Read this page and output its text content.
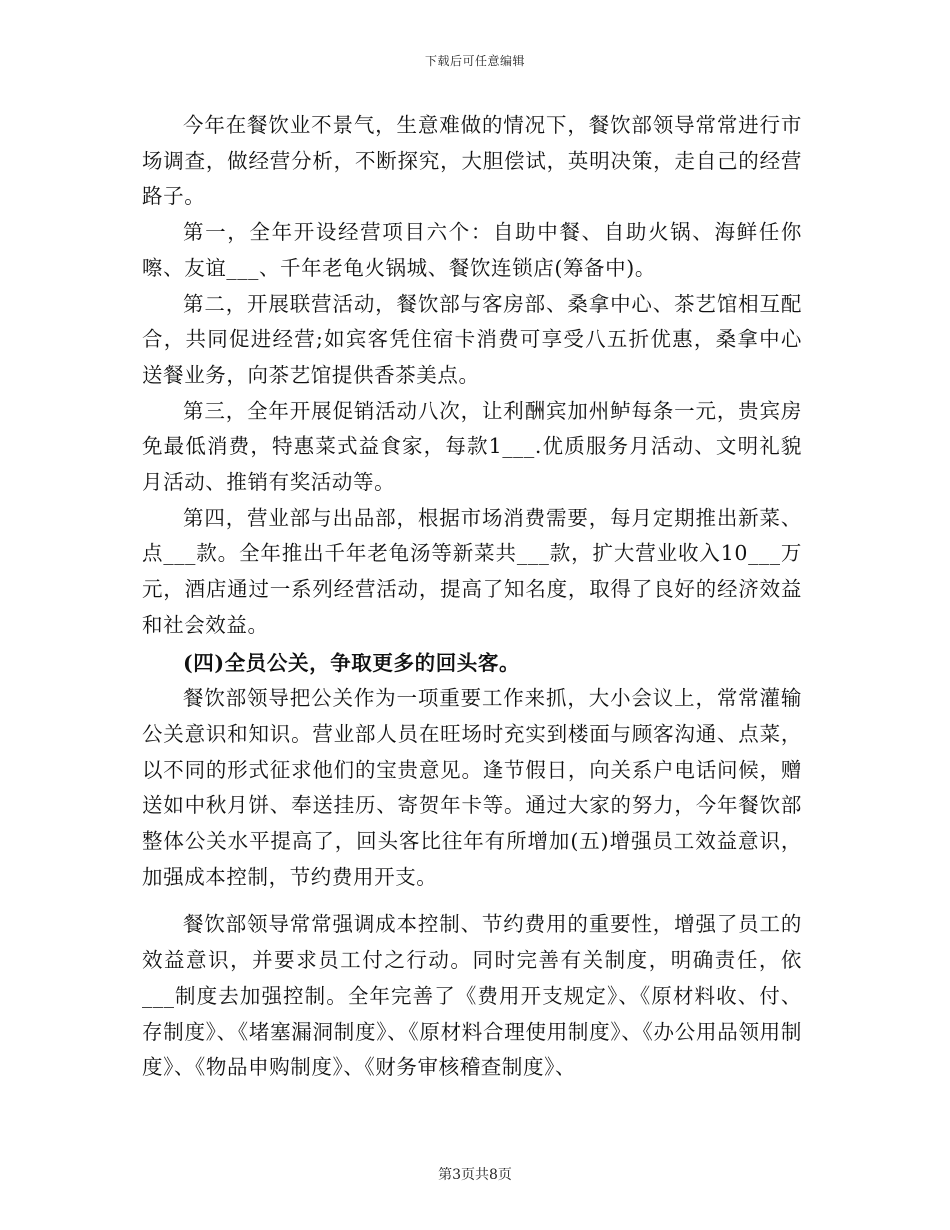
下载后可任意编辑

今年在餐饮业不景气，生意难做的情况下，餐饮部领导常常进行市场调查，做经营分析，不断探究，大胆偿试，英明决策，走自己的经营路子。

第一，全年开设经营项目六个：自助中餐、自助火锅、海鲜任你嚓、友谊___、千年老龟火锅城、餐饮连锁店(筹备中)。

第二，开展联营活动，餐饮部与客房部、桑拿中心、茶艺馆相互配合，共同促进经营;如宾客凭住宿卡消费可享受八五折优惠，桑拿中心送餐业务，向茶艺馆提供香茶美点。

第三，全年开展促销活动八次，让利酬宾加州鲈每条一元，贵宾房免最低消费，特惠菜式益食家，每款1___.优质服务月活动、文明礼貌月活动、推销有奖活动等。

第四，营业部与出品部，根据市场消费需要，每月定期推出新菜、点___款。全年推出千年老龟汤等新菜共___款，扩大营业收入10___万元，酒店通过一系列经营活动，提高了知名度，取得了良好的经济效益和社会效益。

(四)全员公关，争取更多的回头客。

餐饮部领导把公关作为一项重要工作来抓，大小会议上，常常灌输公关意识和知识。营业部人员在旺场时充实到楼面与顾客沟通、点菜，以不同的形式征求他们的宝贵意见。逢节假日，向关系户电话问候，赠送如中秋月饼、奉送挂历、寄贺年卡等。通过大家的努力，今年餐饮部整体公关水平提高了，回头客比往年有所增加(五)增强员工效益意识，加强成本控制，节约费用开支。

餐饮部领导常常强调成本控制、节约费用的重要性，增强了员工的效益意识，并要求员工付之行动。同时完善有关制度，明确责任，依___制度去加强控制。全年完善了《费用开支规定》、《原材料收、付、存制度》、《堵塞漏洞制度》、《原材料合理使用制度》、《办公用品领用制度》、《物品申购制度》、《财务审核稽查制度》、

第3页共8页
